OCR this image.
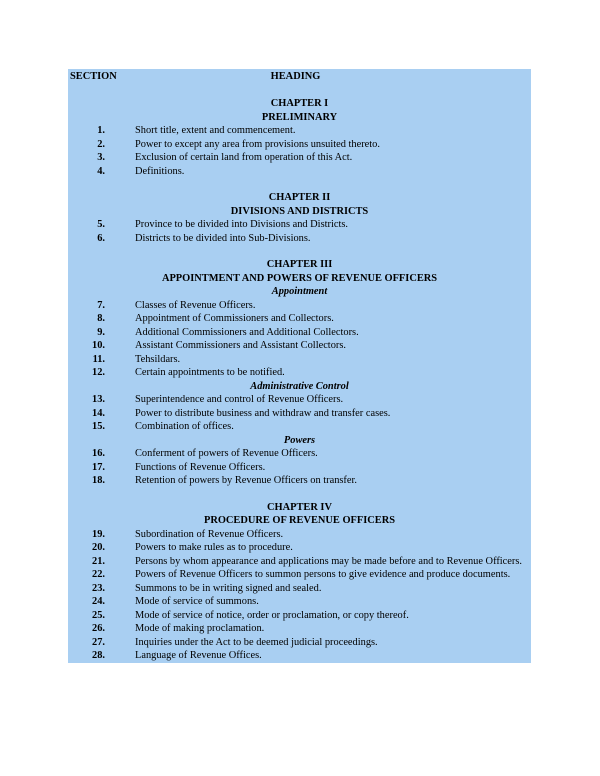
SECTION	HEADING
CHAPTER I
PRELIMINARY
1.	Short title, extent and commencement.
2.	Power to except any area from provisions unsuited thereto.
3.	Exclusion of certain land from operation of this Act.
4.	Definitions.
CHAPTER II
DIVISIONS AND DISTRICTS
5.	Province to be divided into Divisions and Districts.
6.	Districts to be divided into Sub-Divisions.
CHAPTER III
APPOINTMENT AND POWERS OF REVENUE OFFICERS
Appointment
7.	Classes of Revenue Officers.
8.	Appointment of Commissioners and Collectors.
9.	Additional Commissioners and Additional Collectors.
10.	Assistant Commissioners and Assistant Collectors.
11.	Tehsildars.
12.	Certain appointments to be notified.
Administrative Control
13.	Superintendence and control of Revenue Officers.
14.	Power to distribute business and withdraw and transfer cases.
15.	Combination of offices.
Powers
16.	Conferment of powers of Revenue Officers.
17.	Functions of Revenue Officers.
18.	Retention of powers by Revenue Officers on transfer.
CHAPTER IV
PROCEDURE OF REVENUE OFFICERS
19.	Subordination of Revenue Officers.
20.	Powers to make rules as to procedure.
21.	Persons by whom appearance and applications may be made before and to Revenue Officers.
22.	Powers of Revenue Officers to summon persons to give evidence and produce documents.
23.	Summons to be in writing signed and sealed.
24.	Mode of service of summons.
25.	Mode of service of notice, order or proclamation, or copy thereof.
26.	Mode of making proclamation.
27.	Inquiries under the Act to be deemed judicial proceedings.
28.	Language of Revenue Offices.
